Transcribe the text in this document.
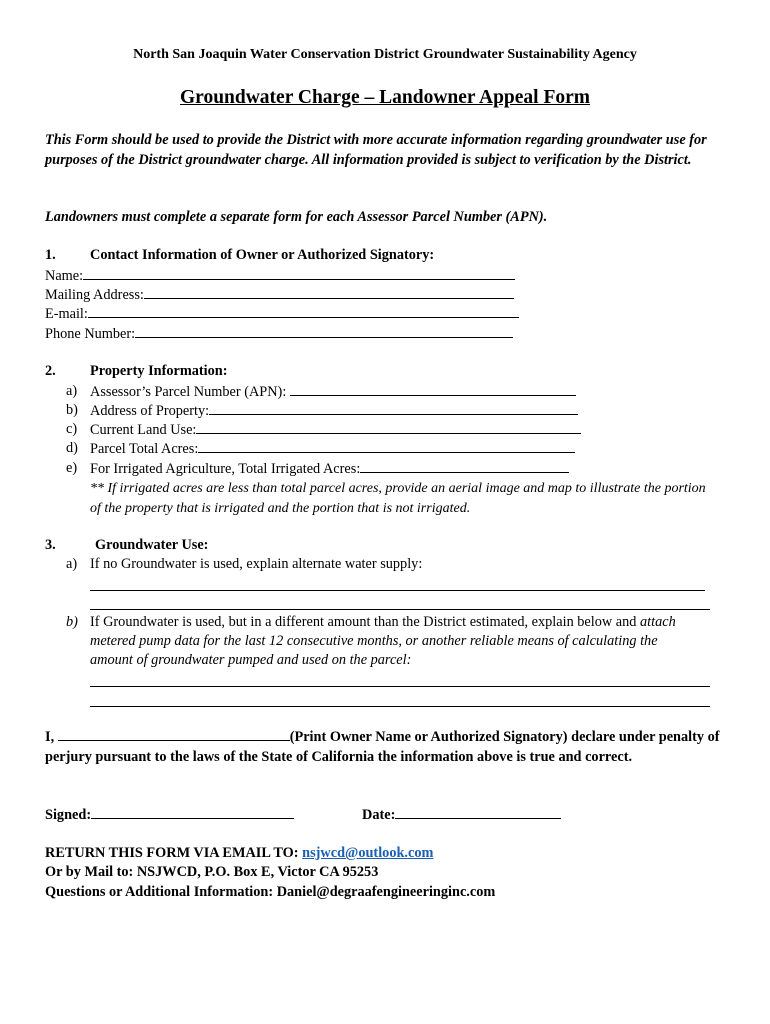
North San Joaquin Water Conservation District Groundwater Sustainability Agency
Groundwater Charge – Landowner Appeal Form
This Form should be used to provide the District with more accurate information regarding groundwater use for purposes of the District groundwater charge. All information provided is subject to verification by the District.
Landowners must complete a separate form for each Assessor Parcel Number (APN).
1. Contact Information of Owner or Authorized Signatory:
Name:
Mailing Address:
E-mail:
Phone Number:
2. Property Information:
a) Assessor’s Parcel Number (APN):
b) Address of Property:
c) Current Land Use:
d) Parcel Total Acres:
e) For Irrigated Agriculture, Total Irrigated Acres:
** If irrigated acres are less than total parcel acres, provide an aerial image and map to illustrate the portion of the property that is irrigated and the portion that is not irrigated.
3.	Groundwater Use:
a) If no Groundwater is used, explain alternate water supply:
b) If Groundwater is used, but in a different amount than the District estimated, explain below and attach
metered pump data for the last 12 consecutive months, or another reliable means of calculating the
amount of groundwater pumped and used on the parcel:
I,	(Print Owner Name or Authorized Signatory) declare under penalty of perjury pursuant to the laws of the State of California the information above is true and correct.
Signed:	Date:
RETURN THIS FORM VIA EMAIL TO: nsjwcd@outlook.com
Or by Mail to: NSJWCD, P.O. Box E, Victor CA 95253
Questions or Additional Information: Daniel@degraafengineeringinc.com
